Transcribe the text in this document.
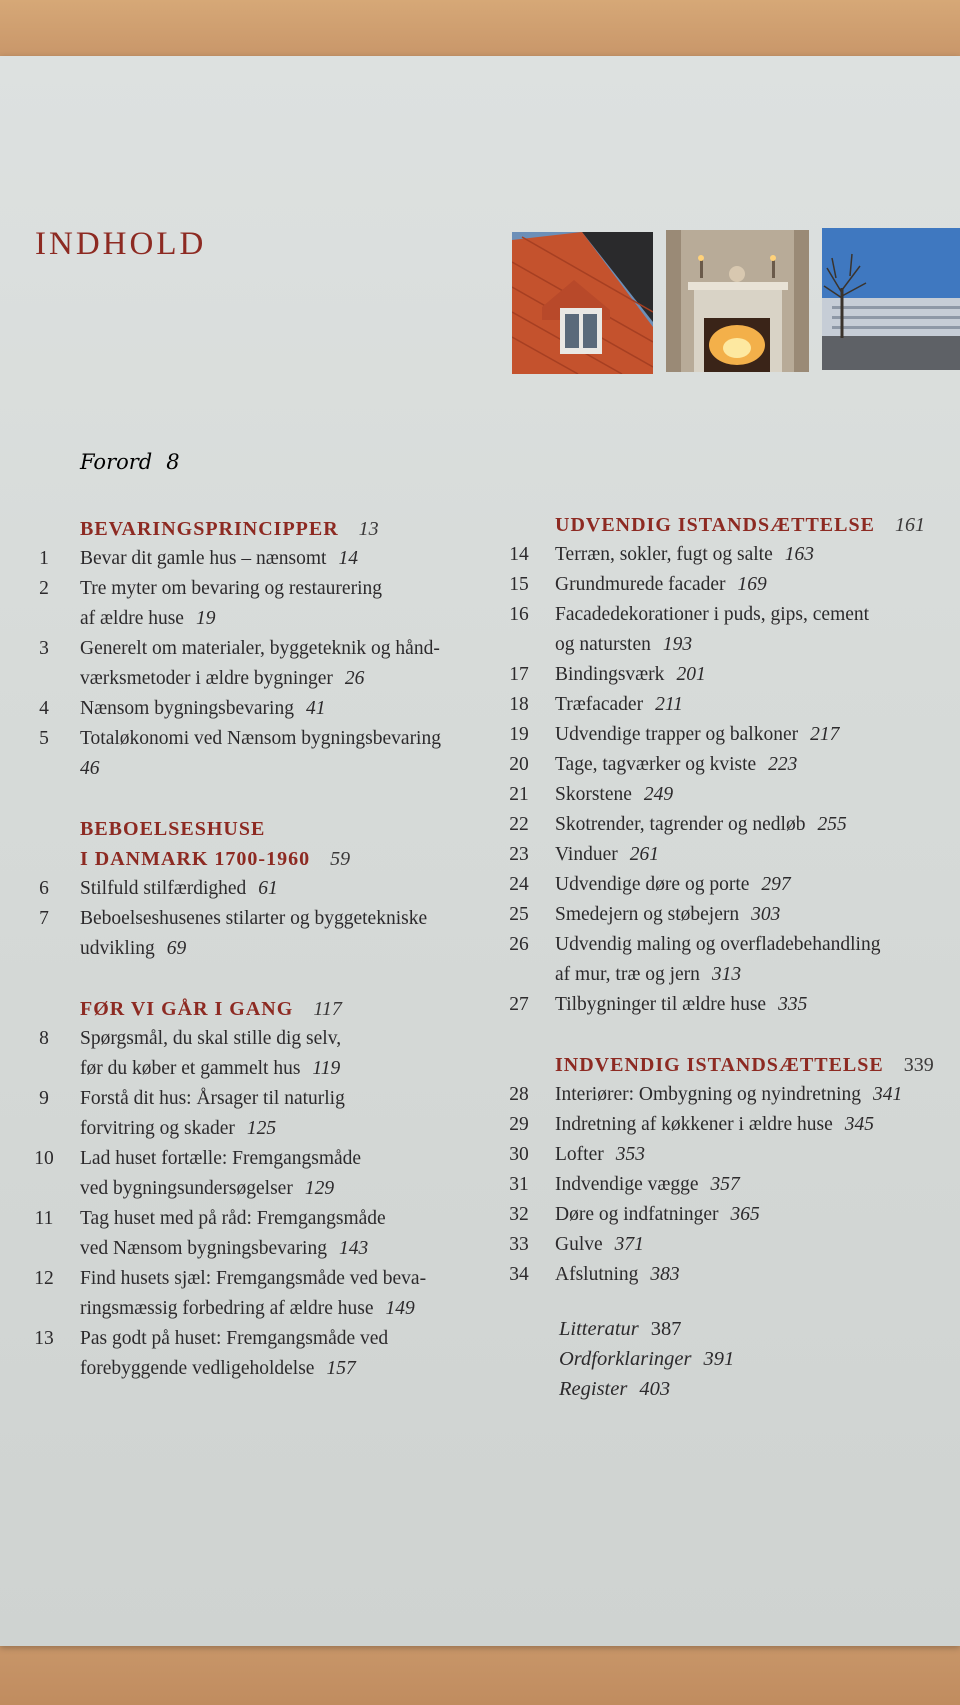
INDHOLD
Forord 8
BEVARINGSPRINCIPPER 13
1	Bevar dit gamle hus – nænsomt 14
2	Tre myter om bevaring og restaurering
af ældre huse 19
3	Generelt om materialer, byggeteknik og hånd-
værksmetoder i ældre bygninger 26
4	Nænsom bygningsbevaring 41
5	Totaløkonomi ved Nænsom bygningsbevaring
46
BEBOELSESHUSE
I DANMARK 1700-1960 59
6	Stilfuld stilfærdighed 61
7	Beboelseshusenes stilarter og byggetekniske
udvikling 69
FØR VI GÅR I GANG 117
8	Spørgsmål, du skal stille dig selv,
før du køber et gammelt hus 119
9	Forstå dit hus: Årsager til naturlig
forvitring og skader 125
10 Lad huset fortælle: Fremgangsmåde
ved bygningsundersøgelser 129
11 Tag huset med på råd: Fremgangsmåde
ved Nænsom bygningsbevaring 143
12 Find husets sjæl: Fremgangsmåde ved beva-
ringsmæssig forbedring af ældre huse 149
13 Pas godt på huset: Fremgangsmåde ved
forebyggende vedligeholdelse 157
UDVENDIG ISTANDSÆTTELSE 161
14 Terræn, sokler, fugt og salte 163
15 Grundmurede facader 169
16 Facadedekorationer i puds, gips, cement
og natursten 193
17 Bindingsværk 201
18 Træfacader 211
19 Udvendige trapper og balkoner 217
20 Tage, tagværker og kviste 223
21 Skorstene 249
22 Skotrender, tagrender og nedløb 255
23 Vinduer 261
24 Udvendige døre og porte 297
25 Smedejern og støbejern 303
26 Udvendig maling og overfladebehandling
af mur, træ og jern 313
27 Tilbygninger til ældre huse 335
INDVENDIG ISTANDSÆTTELSE 339
28 Interiører: Ombygning og nyindretning 341
29 Indretning af køkkener i ældre huse 345
30 Lofter 353
31 Indvendige vægge 357
32 Døre og indfatninger 365
33 Gulve 371
34 Afslutning 383
Litteratur 387
Ordforklaringer 391
Register 403
